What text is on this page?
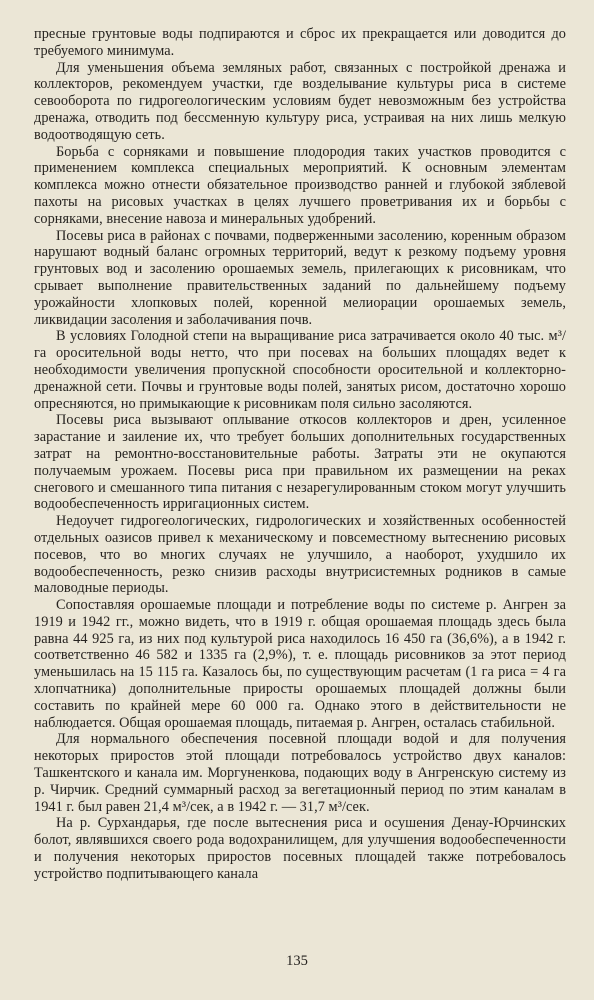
пресные грунтовые воды подпираются и сброс их прекращается или доводится до требуемого минимума.

Для уменьшения объема земляных работ, связанных с постройкой дренажа и коллекторов, рекомендуем участки, где возделывание культуры риса в системе севооборота по гидрогеологическим условиям будет невозможным без устройства дренажа, отводить под бессменную культуру риса, устраивая на них лишь мелкую водоотводящую сеть.

Борьба с сорняками и повышение плодородия таких участков проводится с применением комплекса специальных мероприятий. К основным элементам комплекса можно отнести обязательное производство ранней и глубокой зяблевой пахоты на рисовых участках в целях лучшего проветривания их и борьбы с сорняками, внесение навоза и минеральных удобрений.

Посевы риса в районах с почвами, подверженными засолению, коренным образом нарушают водный баланс огромных территорий, ведут к резкому подъему уровня грунтовых вод и засолению орошаемых земель, прилегающих к рисовникам, что срывает выполнение правительственных заданий по дальнейшему подъему урожайности хлопковых полей, коренной мелиорации орошаемых земель, ликвидации засоления и заболачивания почв.

В условиях Голодной степи на выращивание риса затрачивается около 40 тыс. м³/га оросительной воды нетто, что при посевах на больших площадях ведет к необходимости увеличения пропускной способности оросительной и коллекторно-дренажной сети. Почвы и грунтовые воды полей, занятых рисом, достаточно хорошо опресняются, но примыкающие к рисовникам поля сильно засоляются.

Посевы риса вызывают оплывание откосов коллекторов и дрен, усиленное зарастание и заиление их, что требует больших дополнительных государственных затрат на ремонтно-восстановительные работы. Затраты эти не окупаются получаемым урожаем. Посевы риса при правильном их размещении на реках снегового и смешанного типа питания с незарегулированным стоком могут улучшить водообеспеченность ирригационных систем.

Недоучет гидрогеологических, гидрологических и хозяйственных особенностей отдельных оазисов привел к механическому и повсеместному вытеснению рисовых посевов, что во многих случаях не улучшило, а наоборот, ухудшило их водообеспеченность, резко снизив расходы внутрисистемных родников в самые маловодные периоды.

Сопоставляя орошаемые площади и потребление воды по системе р. Ангрен за 1919 и 1942 гг., можно видеть, что в 1919 г. общая орошаемая площадь здесь была равна 44 925 га, из них под культурой риса находилось 16 450 га (36,6%), а в 1942 г. соответственно 46 582 и 1335 га (2,9%), т. е. площадь рисовников за этот период уменьшилась на 15 115 га. Казалось бы, по существующим расчетам (1 га риса = 4 га хлопчатника) дополнительные приросты орошаемых площадей должны были составить по крайней мере 60 000 га. Однако этого в действительности не наблюдается. Общая орошаемая площадь, питаемая р. Ангрен, осталась стабильной.

Для нормального обеспечения посевной площади водой и для получения некоторых приростов этой площади потребовалось устройство двух каналов: Ташкентского и канала им. Моргуненкова, подающих воду в Ангренскую систему из р. Чирчик. Средний суммарный расход за вегетационный период по этим каналам в 1941 г. был равен 21,4 м³/сек, а в 1942 г. — 31,7 м³/сек.

На р. Сурхандарья, где после вытеснения риса и осушения Денау-Юрчинских болот, являвшихся своего рода водохранилищем, для улучшения водообеспеченности и получения некоторых приростов посевных площадей также потребовалось устройство подпитывающего канала

135
